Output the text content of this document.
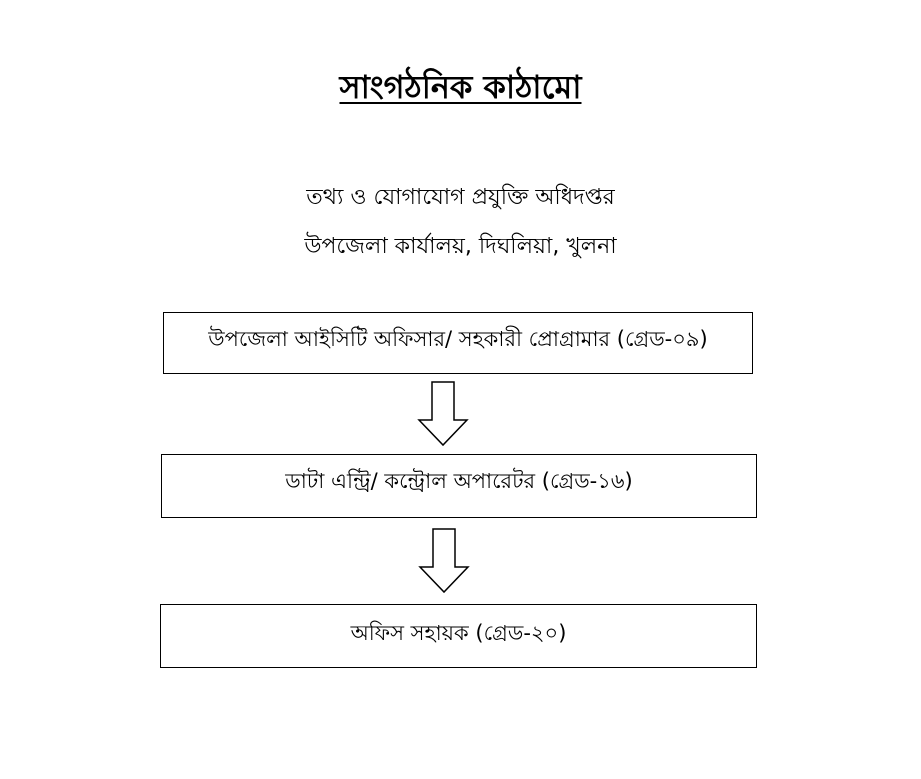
সাংগঠনিক কাঠামো
তথ্য ও যোগাযোগ প্রযুক্তি অধিদপ্তর
উপজেলা কার্যালয়, দিঘলিয়া, খুলনা
উপজেলা আইসিটি অফিসার/ সহকারী প্রোগ্রামার (গ্রেড-০৯)
ডাটা এন্ট্রি/ কন্ট্রোল অপারেটর (গ্রেড-১৬)
অফিস সহায়ক (গ্রেড-২০)
